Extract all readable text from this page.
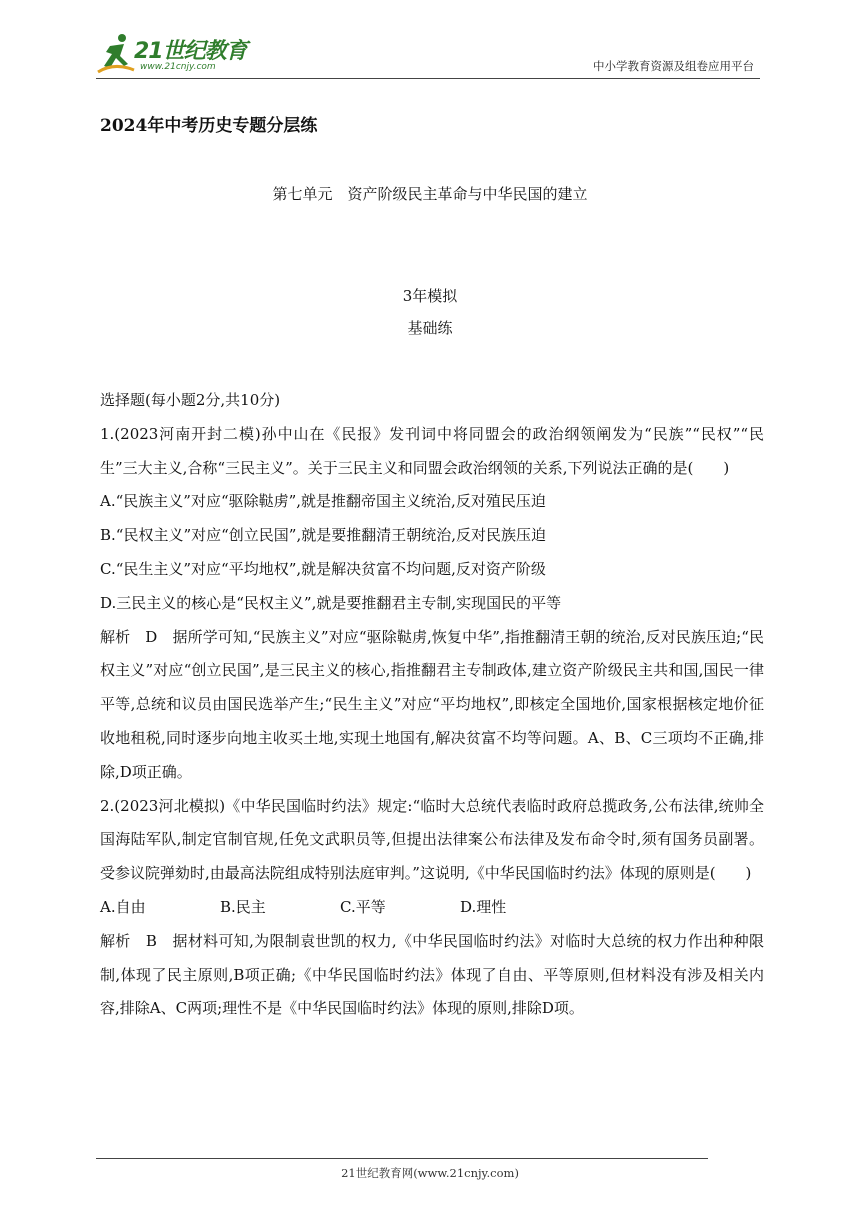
21世纪教育
www.21cnjy.com	中小学教育资源及组卷应用平台
2024年中考历史专题分层练
第七单元　资产阶级民主革命与中华民国的建立
3年模拟
基础练

选择题(每小题2分,共10分)

1.(2023河南开封二模)孙中山在《民报》发刊词中将同盟会的政治纲领阐发为“民族”“民权”“民生”三大主义,合称“三民主义”。关于三民主义和同盟会政治纲领的关系,下列说法正确的是(　　)

A.“民族主义”对应“驱除鞑虏”,就是推翻帝国主义统治,反对殖民压迫

B.“民权主义”对应“创立民国”,就是要推翻清王朝统治,反对民族压迫

C.“民生主义”对应“平均地权”,就是解决贫富不均问题,反对资产阶级

D.三民主义的核心是“民权主义”,就是要推翻君主专制,实现国民的平等

解析　D　据所学可知,“民族主义”对应“驱除鞑虏,恢复中华”,指推翻清王朝的统治,反对民族压迫;“民权主义”对应“创立民国”,是三民主义的核心,指推翻君主专制政体,建立资产阶级民主共和国,国民一律平等,总统和议员由国民选举产生;“民生主义”对应“平均地权”,即核定全国地价,国家根据核定地价征收地租税,同时逐步向地主收买土地,实现土地国有,解决贫富不均等问题。A、B、C三项均不正确,排除,D项正确。

2.(2023河北模拟)《中华民国临时约法》规定:“临时大总统代表临时政府总揽政务,公布法律,统帅全国海陆军队,制定官制官规,任免文武职员等,但提出法律案公布法律及发布命令时,须有国务员副署。受参议院弹劾时,由最高法院组成特别法庭审判。”这说明,《中华民国临时约法》体现的原则是(　　)

A.自由	B.民主	C.平等	D.理性

解析　B　据材料可知,为限制袁世凯的权力,《中华民国临时约法》对临时大总统的权力作出种种限制,体现了民主原则,B项正确;《中华民国临时约法》体现了自由、平等原则,但材料没有涉及相关内容,排除A、C两项;理性不是《中华民国临时约法》体现的原则,排除D项。

21世纪教育网(www.21cnjy.com)
